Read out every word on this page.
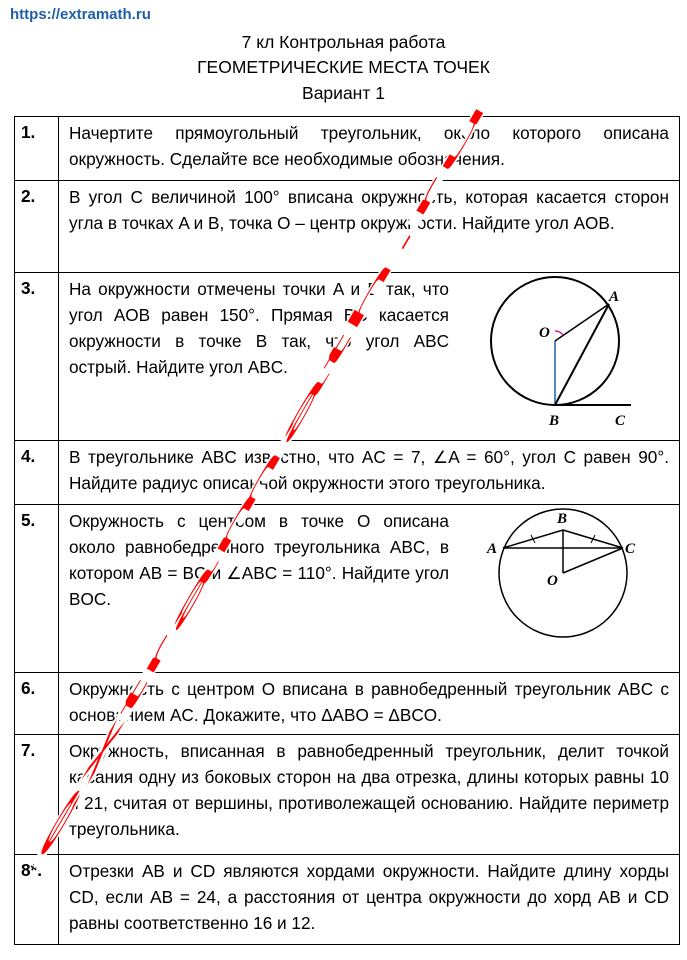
https://extramath.ru
7 кл Контрольная работа
ГЕОМЕТРИЧЕСКИЕ МЕСТА ТОЧЕК
Вариант 1
1.	Начертите прямоугольный треугольник, около которого описана окружность. Сделайте все необходимые обозначения.

2.	В угол C величиной 100° вписана окружность, которая касается сторон угла в точках A и B, точка O – центр окружности. Найдите угол AOB.

3.	На окружности отмечены точки A и B так, что угол AOB равен 150°. Прямая BC касается окружности в точке B так, что угол ABC острый. Найдите угол ABC.
O
A
B C

4.	В треугольнике ABC известно, что AC = 7, ∠A = 60°, угол C равен 90°. Найдите радиус описанной окружности этого треугольника.

5.	Окружность с центром в точке O описана около равнобедренного треугольника ABC, в котором AB = BC и ∠ABC = 110°. Найдите угол BOC.
B
A C
O

6.	Окружность с центром O вписана в равнобедренный треугольник ABC с основанием AC. Докажите, что ΔABO = ΔBCO.

7.	Окружность, вписанная в равнобедренный треугольник, делит точкой касания одну из боковых сторон на два отрезка, длины которых равны 10 и 21, считая от вершины, противолежащей основанию. Найдите периметр треугольника.

8*.	Отрезки AB и CD являются хордами окружности. Найдите длину хорды CD, если AB = 24, а расстояния от центра окружности до хорд AB и CD равны соответственно 16 и 12.
extramath.ru
